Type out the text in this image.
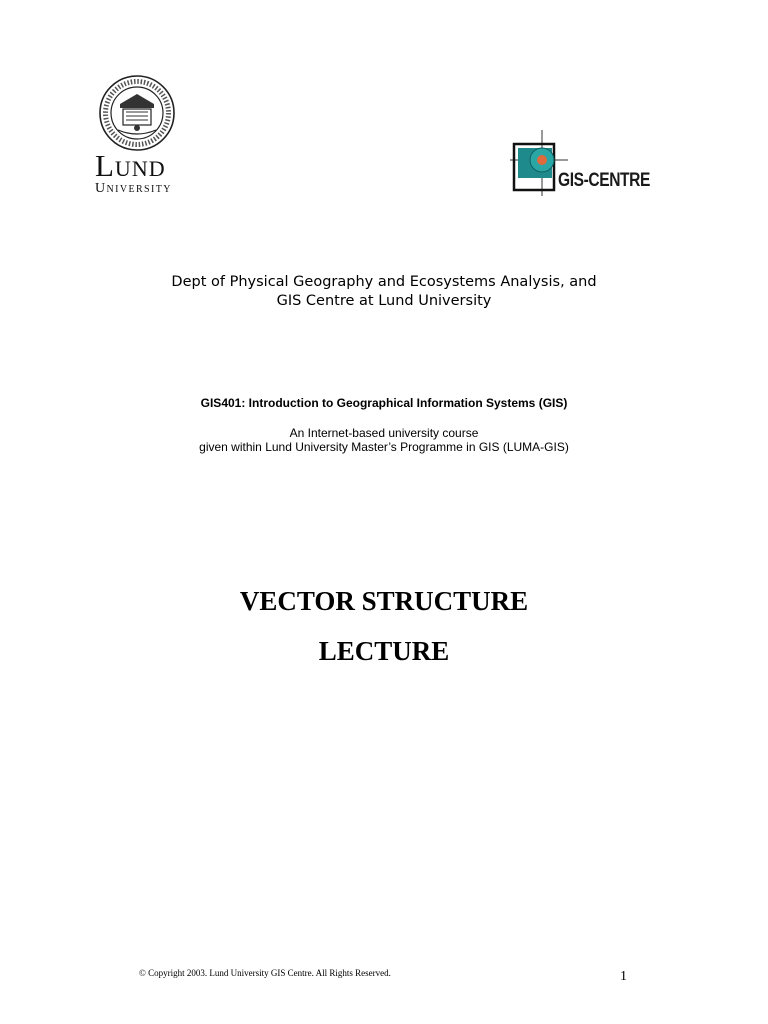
Lund
University	GIS-CENTRE
Dept of Physical Geography and Ecosystems Analysis, and
GIS Centre at Lund University
GIS401: Introduction to Geographical Information Systems (GIS)
An Internet-based university course
given within Lund University Master’s Programme in GIS (LUMA-GIS)
VECTOR STRUCTURE
LECTURE
© Copyright 2003. Lund University GIS Centre. All Rights Reserved.	1
